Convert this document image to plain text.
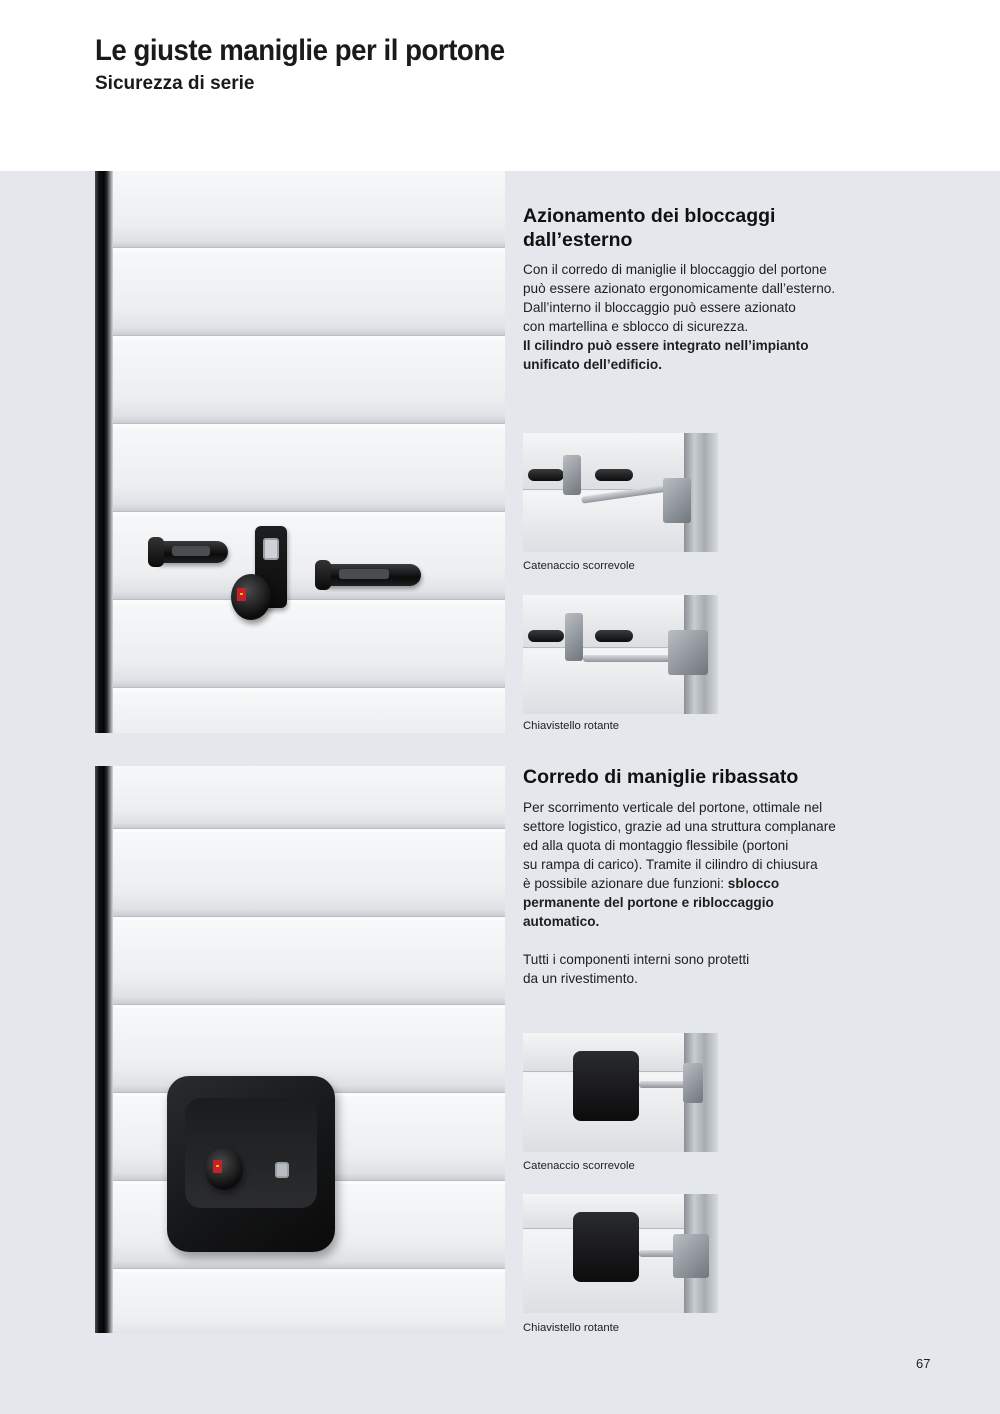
Le giuste maniglie per il portone
Sicurezza di serie
Azionamento dei bloccaggi
dall’esterno

Con il corredo di maniglie il bloccaggio del portone
può essere azionato ergonomicamente dall’esterno.
Dall’interno il bloccaggio può essere azionato
con martellina e sblocco di sicurezza.
Il cilindro può essere integrato nell’impianto
unificato dell’edificio.

Catenaccio scorrevole

Chiavistello rotante

Corredo di maniglie ribassato

Per scorrimento verticale del portone, ottimale nel
settore logistico, grazie ad una struttura complanare
ed alla quota di montaggio flessibile (portoni
su rampa di carico). Tramite il cilindro di chiusura
è possibile azionare due funzioni: sblocco
permanente del portone e ribloccaggio
automatico.

Tutti i componenti interni sono protetti
da un rivestimento.

Catenaccio scorrevole

Chiavistello rotante

67
